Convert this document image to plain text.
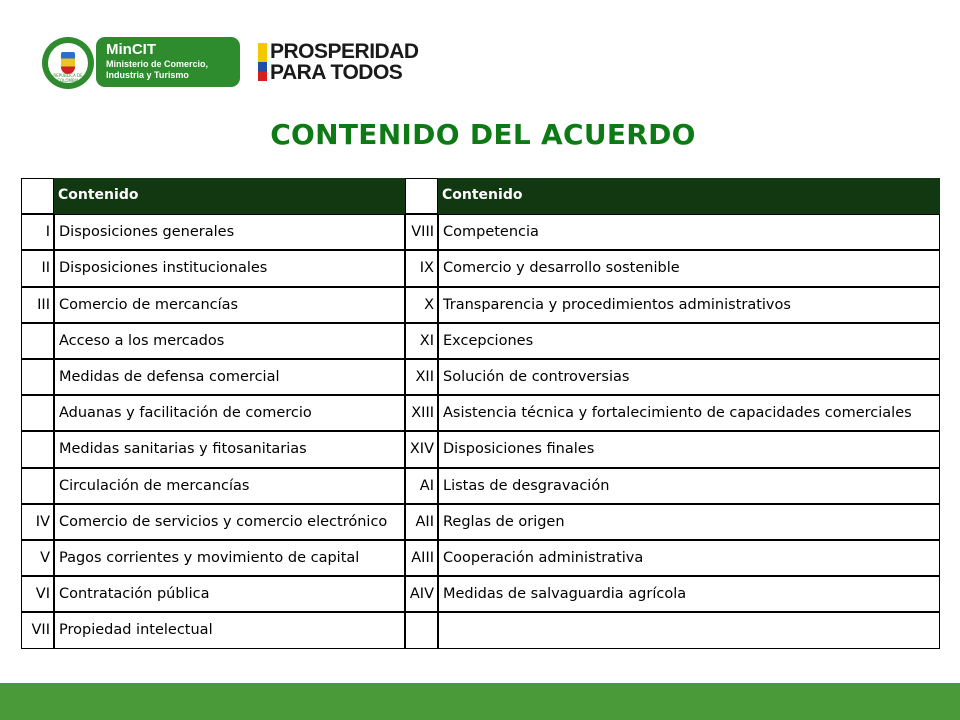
REPÚBLICA DE COLOMBIA
MinCIT
Ministerio de Comercio, Industria y Turismo
PROSPERIDAD
PARA TODOS
CONTENIDO DEL ACUERDO
Contenido
I Disposiciones generales
II Disposiciones institucionales
III Comercio de mercancías
Acceso a los mercados
Medidas de defensa comercial
Aduanas y facilitación de comercio
Medidas sanitarias y fitosanitarias
Circulación de mercancías
IV Comercio de servicios y comercio electrónico
V Pagos corrientes y movimiento de capital
VI Contratación pública
VII Propiedad intelectual
Contenido
VIII Competencia
IX Comercio y desarrollo sostenible
X Transparencia y procedimientos administrativos
XI Excepciones
XII Solución de controversias
XIII Asistencia técnica y fortalecimiento de capacidades comerciales
XIV Disposiciones finales
AI Listas de desgravación
AII Reglas de origen
AIII Cooperación administrativa
AIV Medidas de salvaguardia agrícola
